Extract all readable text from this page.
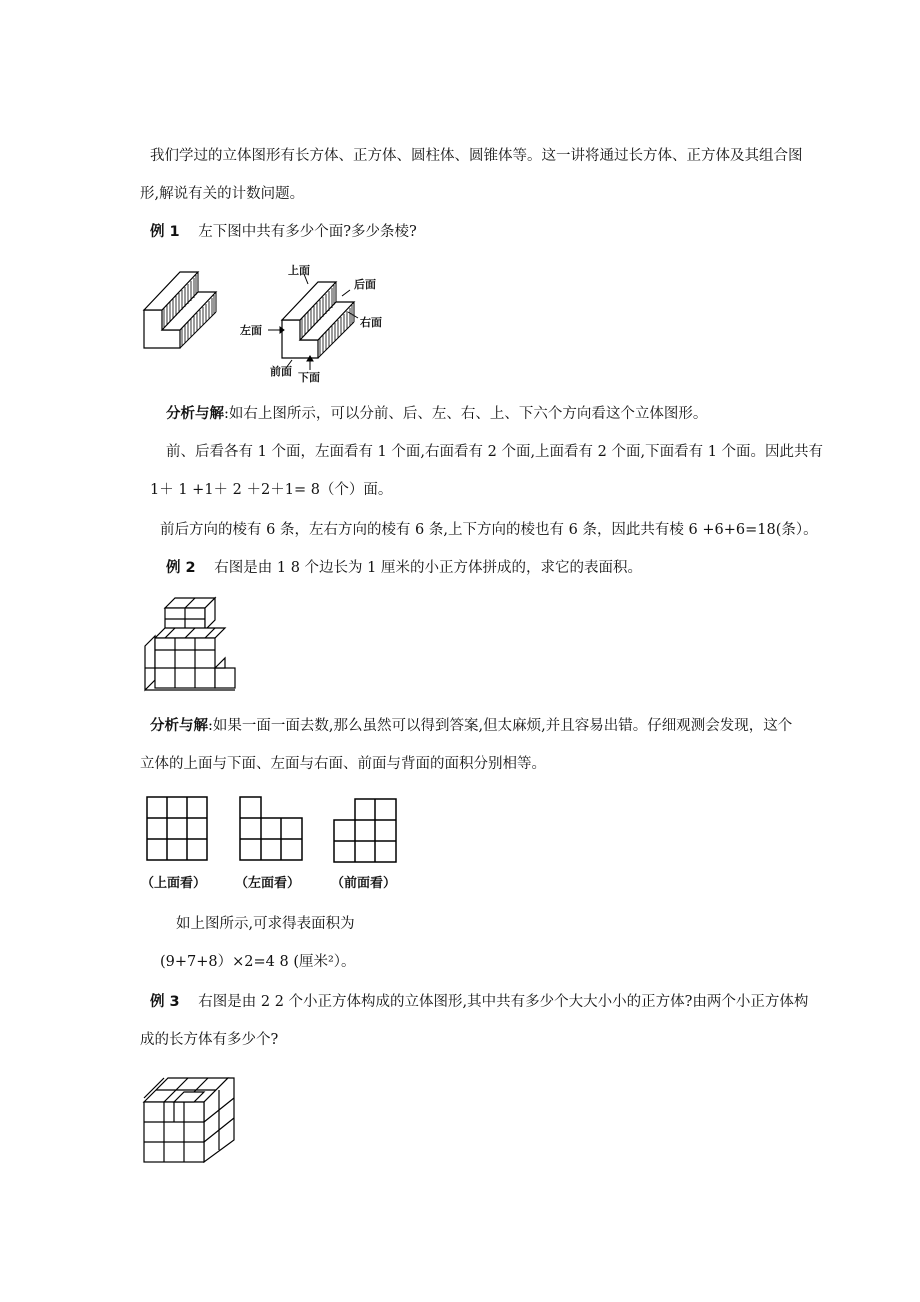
我们学过的立体图形有长方体、正方体、圆柱体、圆锥体等。这一讲将通过长方体、正方体及其组合图
形,解说有关的计数问题。
例 1 左下图中共有多少个面?多少条棱?
上面
后面
左面
右面
前面 下面
分析与解:如右上图所示，可以分前、后、左、右、上、下六个方向看这个立体图形。
前、后看各有 1 个面，左面看有 1 个面,右面看有 2 个面,上面看有 2 个面,下面看有 1 个面。因此共有
1＋ 1 +1＋ 2 ＋2＋1= 8（个）面。
前后方向的棱有 6 条，左右方向的棱有 6 条,上下方向的棱也有 6 条，因此共有棱 6 +6+6=18(条）。
例 2 右图是由 1 8 个边长为 1 厘米的小正方体拼成的，求它的表面积。
分析与解:如果一面一面去数,那么虽然可以得到答案,但太麻烦,并且容易出错。仔细观测会发现，这个
立体的上面与下面、左面与右面、前面与背面的面积分别相等。
（上面看） （左面看） （前面看）
如上图所示,可求得表面积为
(9+7+8）×2=4 8 (厘米²）。
例 3 右图是由 2 2 个小正方体构成的立体图形,其中共有多少个大大小小的正方体?由两个小正方体构
成的长方体有多少个?
